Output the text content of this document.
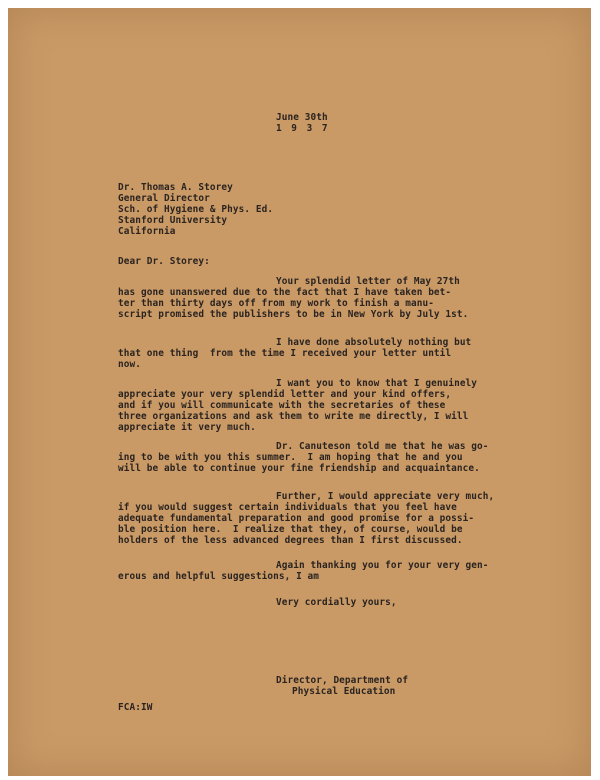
June 30th
1 9 3 7
Dr. Thomas A. Storey
General Director
Sch. of Hygiene & Phys. Ed.
Stanford University
California
Dear Dr. Storey:
Your splendid letter of May 27th
has gone unanswered due to the fact that I have taken bet-
ter than thirty days off from my work to finish a manu-
script promised the publishers to be in New York by July 1st.
I have done absolutely nothing but
that one thing  from the time I received your letter until
now.
I want you to know that I genuinely
appreciate your very splendid letter and your kind offers,
and if you will communicate with the secretaries of these
three organizations and ask them to write me directly, I will
appreciate it very much.
Dr. Canuteson told me that he was go-
ing to be with you this summer.  I am hoping that he and you
will be able to continue your fine friendship and acquaintance.
Further, I would appreciate very much,
if you would suggest certain individuals that you feel have
adequate fundamental preparation and good promise for a possi-
ble position here.  I realize that they, of course, would be
holders of the less advanced degrees than I first discussed.
Again thanking you for your very gen-
erous and helpful suggestions, I am
Very cordially yours,
Director, Department of
Physical Education
FCA:IW
